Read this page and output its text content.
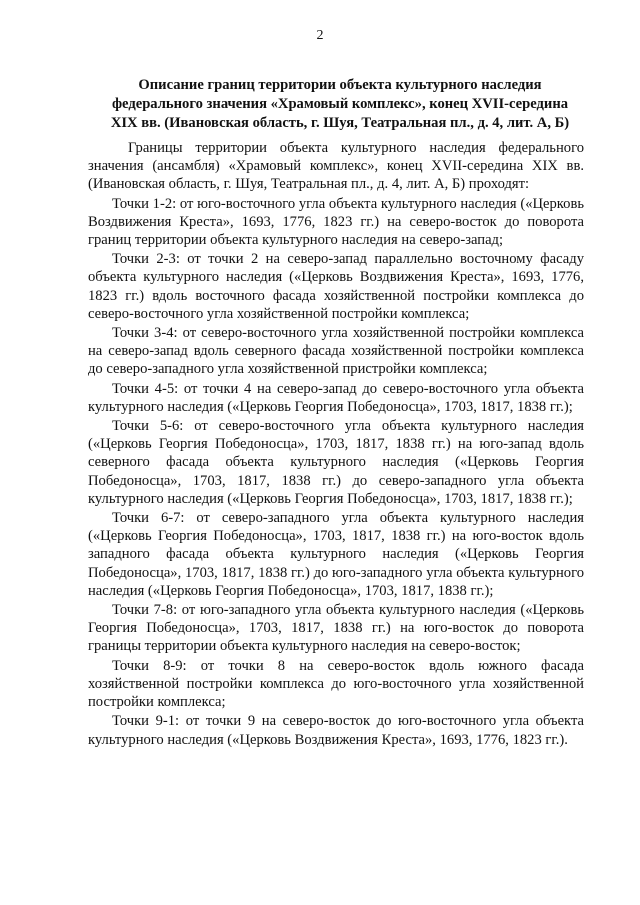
2
Описание границ территории объекта культурного наследия
федерального значения «Храмовый комплекс», конец XVII-середина
XIX вв. (Ивановская область, г. Шуя, Театральная пл., д. 4, лит. А, Б)

Границы территории объекта культурного наследия федерального значения (ансамбля) «Храмовый комплекс», конец XVII-середина XIX вв. (Ивановская область, г. Шуя, Театральная пл., д. 4, лит. А, Б) проходят:

Точки 1-2: от юго-восточного угла объекта культурного наследия («Церковь Воздвижения Креста», 1693, 1776, 1823 гг.) на северо-восток до поворота границ территории объекта культурного наследия на северо-запад;

Точки 2-3: от точки 2 на северо-запад параллельно восточному фасаду объекта культурного наследия («Церковь Воздвижения Креста», 1693, 1776, 1823 гг.) вдоль восточного фасада хозяйственной постройки комплекса до северо-восточного угла хозяйственной постройки комплекса;

Точки 3-4: от северо-восточного угла хозяйственной постройки комплекса на северо-запад вдоль северного фасада хозяйственной постройки комплекса до северо-западного угла хозяйственной пристройки комплекса;

Точки 4-5: от точки 4 на северо-запад до северо-восточного угла объекта культурного наследия («Церковь Георгия Победоносца», 1703, 1817, 1838 гг.);

Точки 5-6: от северо-восточного угла объекта культурного наследия («Церковь Георгия Победоносца», 1703, 1817, 1838 гг.) на юго-запад вдоль северного фасада объекта культурного наследия («Церковь Георгия Победоносца», 1703, 1817, 1838 гг.) до северо-западного угла объекта культурного наследия («Церковь Георгия Победоносца», 1703, 1817, 1838 гг.);

Точки 6-7: от северо-западного угла объекта культурного наследия («Церковь Георгия Победоносца», 1703, 1817, 1838 гг.) на юго-восток вдоль западного фасада объекта культурного наследия («Церковь Георгия Победоносца», 1703, 1817, 1838 гг.) до юго-западного угла объекта культурного наследия («Церковь Георгия Победоносца», 1703, 1817, 1838 гг.);

Точки 7-8: от юго-западного угла объекта культурного наследия («Церковь Георгия Победоносца», 1703, 1817, 1838 гг.) на юго-восток до поворота границы территории объекта культурного наследия на северо-восток;

Точки 8-9: от точки 8 на северо-восток вдоль южного фасада хозяйственной постройки комплекса до юго-восточного угла хозяйственной постройки комплекса;

Точки 9-1: от точки 9 на северо-восток до юго-восточного угла объекта культурного наследия («Церковь Воздвижения Креста», 1693, 1776, 1823 гг.).
